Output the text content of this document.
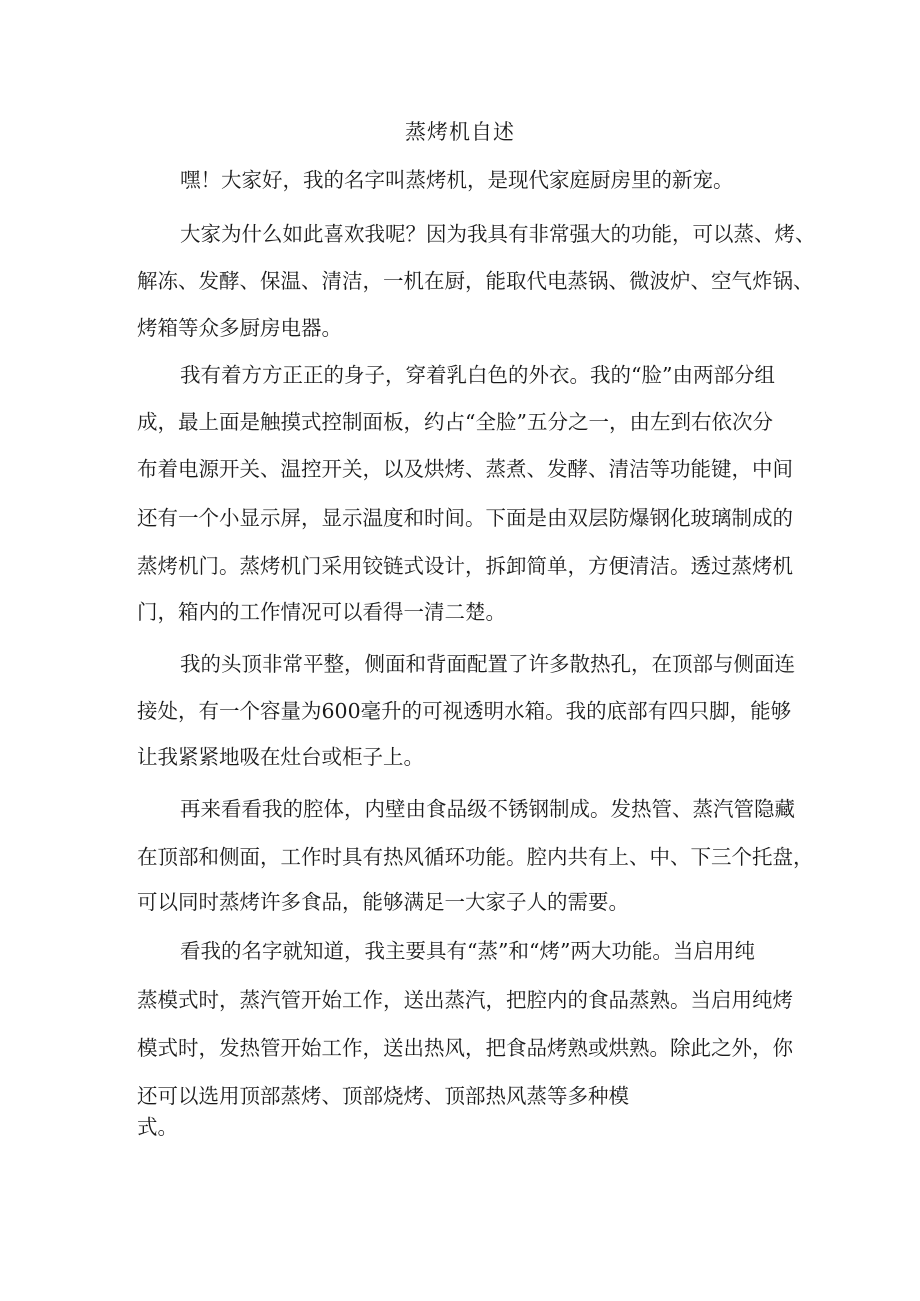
蒸烤机自述

嘿！大家好，我的名字叫蒸烤机，是现代家庭厨房里的新宠。

大家为什么如此喜欢我呢？因为我具有非常强大的功能，可以蒸、烤、

解冻、发酵、保温、清洁，一机在厨，能取代电蒸锅、微波炉、空气炸锅、

烤箱等众多厨房电器。

我有着方方正正的身子，穿着乳白色的外衣。我的“脸”由两部分组

成，最上面是触摸式控制面板，约占“全脸”五分之一，由左到右依次分

布着电源开关、温控开关，以及烘烤、蒸煮、发酵、清洁等功能键，中间

还有一个小显示屏，显示温度和时间。下面是由双层防爆钢化玻璃制成的

蒸烤机门。蒸烤机门采用铰链式设计，拆卸简单，方便清洁。透过蒸烤机

门，箱内的工作情况可以看得一清二楚。

我的头顶非常平整，侧面和背面配置了许多散热孔，在顶部与侧面连

接处，有一个容量为600毫升的可视透明水箱。我的底部有四只脚，能够

让我紧紧地吸在灶台或柜子上。

再来看看我的腔体，内壁由食品级不锈钢制成。发热管、蒸汽管隐藏

在顶部和侧面，工作时具有热风循环功能。腔内共有上、中、下三个托盘，

可以同时蒸烤许多食品，能够满足一大家子人的需要。

看我的名字就知道，我主要具有“蒸”和“烤”两大功能。当启用纯

蒸模式时，蒸汽管开始工作，送出蒸汽，把腔内的食品蒸熟。当启用纯烤

模式时，发热管开始工作，送出热风，把食品烤熟或烘熟。除此之外，你

还可以选用顶部蒸烤、顶部烧烤、顶部热风蒸等多种模

式。
